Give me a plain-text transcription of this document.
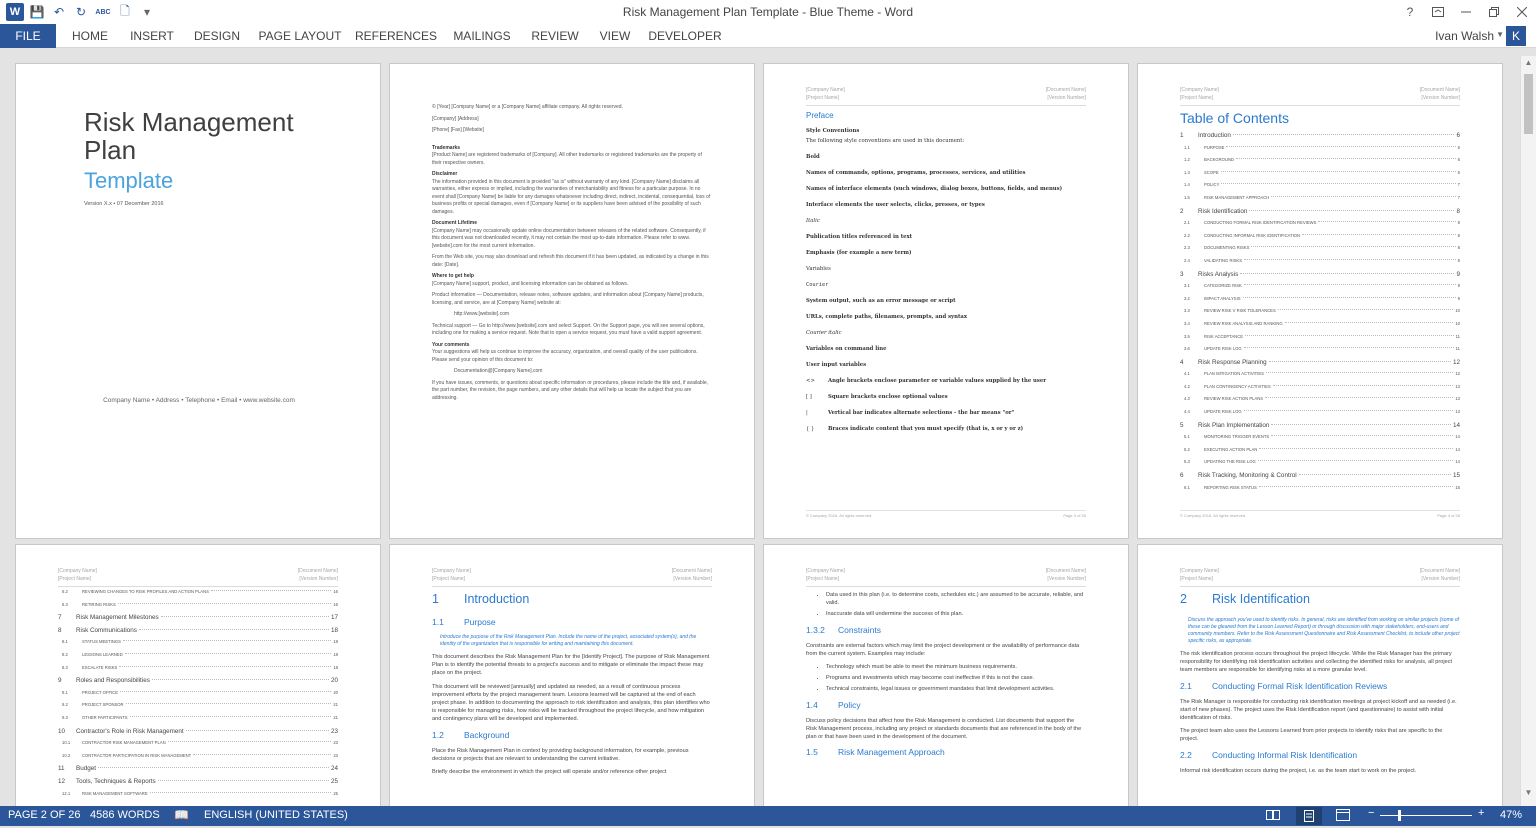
W 💾 ↶ ↻	ABC 🗋	▾	Risk Management Plan Template - Blue Theme - Word	?
FILE	HOME	INSERT	DESIGN	PAGE LAYOUT REFERENCES	MAILINGS	REVIEW	VIEW	DEVELOPER	Ivan Walsh ▼ K
Risk Management
Plan
Template
Version X.x • 07 December 2016
Company Name • Address • Telephone • Email • www.website.com
© [Year] [Company Name] or a [Company Name] affiliate company. All rights reserved.
[Company] [Address]
[Phone] [Fax] [Website]
Trademarks
[Product Name] are registered trademarks of [Company]. All other trademarks or registered trademarks are the property of their respective owners.
Disclaimer
The information provided in this document is provided "as is" without warranty of any kind. [Company Name] disclaims all warranties, either express or implied, including the warranties of merchantability and fitness for a particular purpose. In no event shall [Company Name] be liable for any damages whatsoever including direct, indirect, incidental, consequential, loss of business profits or special damages, even if [Company Name] or its suppliers have been advised of the possibility of such damages.
Document Lifetime
[Company Name] may occasionally update online documentation between releases of the related software. Consequently, if this document was not downloaded recently, it may not contain the most up-to-date information. Please refer to www.[website].com for the most current information.
From the Web site, you may also download and refresh this document if it has been updated, as indicated by a change in this date: [Date].
Where to get help
[Company Name] support, product, and licensing information can be obtained as follows.
Product information — Documentation, release notes, software updates, and information about [Company Name] products, licensing, and service, are at [Company Name] website at:
http://www.[website].com
Technical support — Go to http://www.[website].com and select Support. On the Support page, you will see several options, including one for making a service request. Note that to open a service request, you must have a valid support agreement.
Your comments
Your suggestions will help us continue to improve the accuracy, organization, and overall quality of the user publications. Please send your opinion of this document to:
Documentation@[Company Name].com
If you have issues, comments, or questions about specific information or procedures, please include the title and, if available, the part number, the revision, the page numbers, and any other details that will help us locate the subject that you are addressing.
[Company Name]
[Project Name]
[Document Name]
[Version Number]
Preface
Style Conventions
The following style conventions are used in this document:
Bold
Names of commands, options, programs, processes, services, and utilities
Names of interface elements (such windows, dialog boxes, buttons, fields, and menus)
Interface elements the user selects, clicks, presses, or types
Italic
Publication titles referenced in text
Emphasis (for example a new term)
Variables
Courier
System output, such as an error message or script
URLs, complete paths, filenames, prompts, and syntax
Courier italic
Variables on command line
User input variables
<> Angle brackets enclose parameter or variable values supplied by the user
[ ]	Square brackets enclose optional values
|	Vertical bar indicates alternate selections - the bar means "or"
{ }	Braces indicate content that you must specify (that is, x or y or z)
© Company 2016. All rights reserved.	Page 3 of 26
[Company Name]
[Project Name]
[Document Name]
[Version Number]
Table of Contents
1	Introduction	6
1.1	PURPOSE	6
1.2	BACKGROUND	6
1.3	SCOPE	6
1.4	POLICY	7
1.5	RISK MANAGEMENT APPROACH	7
2	Risk Identification	8
2.1	CONDUCTING FORMAL RISK IDENTIFICATION REVIEWS	8
2.2	CONDUCTING INFORMAL RISK IDENTIFICATION	8
2.3	DOCUMENTING RISKS	8
2.4	VALIDATING RISKS	8
3	Risks Analysis	9
3.1	CATEGORIZE RISK	9
3.2	IMPACT ANALYSIS	9
3.3	REVIEW RISK V RISK TOLERANCES	10
3.4	REVIEW RISK ANALYSIS AND RANKING	10
3.5	RISK ACCEPTANCE	11
3.6	UPDATE RISK LOG	11
4	Risk Response Planning	12
4.1	PLAN MITIGATION ACTIVITIES	12
4.2	PLAN CONTINGENCY ACTIVITIES	13
4.3	REVIEW RISK ACTION PLANS	13
4.4	UPDATE RISK LOG	13
5	Risk Plan Implementation	14
5.1	MONITORING TRIGGER EVENTS	14
5.2	EXECUTING ACTION PLAN	14
5.3	UPDATING THE RISK LOG	14
6	Risk Tracking, Monitoring & Control	15
6.1	REPORTING RISK STATUS	15
© Company 2016. All rights reserved.	Page 4 of 26
[Company Name]
[Project Name]
[Document Name]
[Version Number]
6.2	REVIEWING CHANGES TO RISK PROFILES AND ACTION PLANS	16
6.3	RETIRING RISKS	16
7	Risk Management Milestones	17
8	Risk Communications	18
8.1	STATUS MEETINGS	18
8.2	LESSONS LEARNED	18
8.3	ESCALATE RISKS	18
9	Roles and Responsibilities	20
9.1	PROJECT OFFICE	20
9.2	PROJECT SPONSOR	21
9.3	OTHER PARTICIPANTS	21
10	Contractor's Role in Risk Management	23
10.1	CONTRACTOR RISK MANAGEMENT PLAN	23
10.2	CONTRACTOR PARTICIPATION IN RISK MANAGEMENT	23
11	Budget	24
12	Tools, Techniques & Reports	25
12.1	RISK MANAGEMENT SOFTWARE	25
[Company Name]
[Project Name]
[Document Name]
[Version Number]
1 Introduction
1.1 Purpose
Introduce the purpose of the Risk Management Plan. Include the name of the project, associated system(s), and the identity of the organization that is responsible for writing and maintaining this document.

This document describes the Risk Management Plan for the [Identify Project]. The purpose of Risk Management Plan is to identify the potential threats to a project's success and to mitigate or eliminate the impact these may place on the project.

This document will be reviewed [annually] and updated as needed, as a result of continuous process improvement efforts by the project management team. Lessons learned will be captured at the end of each project phase. In addition to documenting the approach to risk identification and analysis, this plan identifies who is responsible for managing risks, how risks will be tracked throughout the project lifecycle, and how mitigation and contingency plans will be developed and implemented.

1.2 Background

Place the Risk Management Plan in context by providing background information, for example, previous decisions or projects that are relevant to understanding the current initiative.

Briefly describe the environment in which the project will operate and/or reference other project

[Company Name]
[Project Name]
[Document Name]
[Version Number]
• Data used in this plan (i.e. to determine costs, schedules etc.) are assumed to be accurate, reliable, and valid.
• Inaccurate data will undermine the success of this plan.
1.3.2 Constraints

Constraints are external factors which may limit the project development or the availability of performance data from the current system. Examples may include:

• Technology which must be able to meet the minimum business requirements.
• Programs and investments which may become cost ineffective if this is not the case.
• Technical constraints, legal issues or government mandates that limit development activities.
1.4 Policy

Discuss policy decisions that affect how the Risk Management is conducted. List documents that support the Risk Management process, including any project or standards documents that are referenced in the body of the plan or that have been used in the development of the document.

1.5 Risk Management Approach
[Company Name]
[Project Name]
[Document Name]
[Version Number]
2 Risk Identification
Discuss the approach you've used to identify risks. In general, risks are identified from working on similar projects (some of these can be gleaned from the Lesson Learned Report) or through discussion with major stakeholders, end-users and community members. Refer to the Risk Assessment Questionnaire and Risk Assessment Checklist, to include other project specific risks, as appropriate.

The risk identification process occurs throughout the project lifecycle. While the Risk Manager has the primary responsibility for identifying risk identification activities and collecting the identified risks for analysis, all project team members are responsible for identifying risks at a more granular level.

2.1 Conducting Formal Risk Identification Reviews

The Risk Manager is responsible for conducting risk identification meetings at project kickoff and as needed (i.e. start of new phases). The project uses the Risk Identification report (and questionnaire) to assist with initial identification of risks.

The project team also uses the Lessons Learned from prior projects to identify risks that are specific to the project.

2.2 Conducting Informal Risk Identification

Informal risk identification occurs during the project, i.e. as the team start to work on the project.

▲
▼
PAGE 2 OF 26 4586 WORDS 📖 ENGLISH (UNITED STATES)	−	+ 47%
